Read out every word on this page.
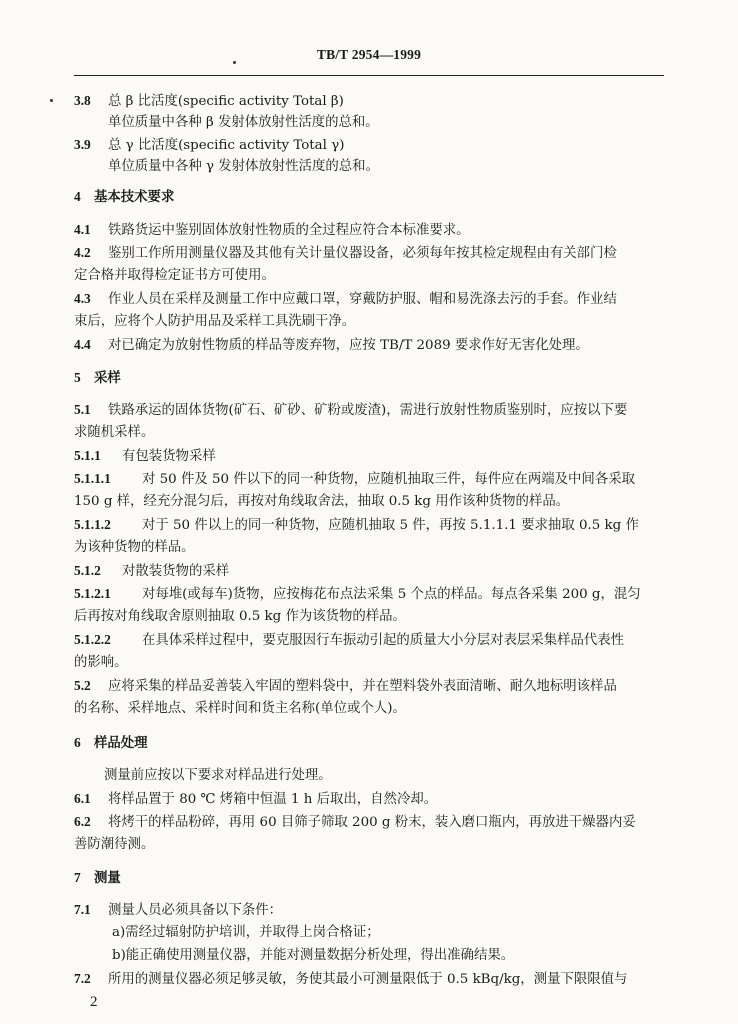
TB/T 2954—1999
3.8 总 β 比活度(specific activity Total β)
单位质量中各种 β 发射体放射性活度的总和。
3.9 总 γ 比活度(specific activity Total γ)
单位质量中各种 γ 发射体放射性活度的总和。
4 基本技术要求
4.1 铁路货运中鉴别固体放射性物质的全过程应符合本标准要求。
4.2 鉴别工作所用测量仪器及其他有关计量仪器设备，必须每年按其检定规程由有关部门检
定合格并取得检定证书方可使用。
4.3 作业人员在采样及测量工作中应戴口罩，穿戴防护服、帽和易洗涤去污的手套。作业结
束后，应将个人防护用品及采样工具洗刷干净。
4.4 对已确定为放射性物质的样品等废弃物，应按 TB/T 2089 要求作好无害化处理。
5 采样
5.1 铁路承运的固体货物(矿石、矿砂、矿粉或废渣)，需进行放射性物质鉴别时，应按以下要
求随机采样。
5.1.1 有包装货物采样
5.1.1.1 对 50 件及 50 件以下的同一种货物，应随机抽取三件，每件应在两端及中间各采取
150 g 样，经充分混匀后，再按对角线取舍法，抽取 0.5 kg 用作该种货物的样品。
5.1.1.2 对于 50 件以上的同一种货物，应随机抽取 5 件，再按 5.1.1.1 要求抽取 0.5 kg 作
为该种货物的样品。
5.1.2 对散装货物的采样
5.1.2.1 对每堆(或每车)货物，应按梅花布点法采集 5 个点的样品。每点各采集 200 g，混匀
后再按对角线取舍原则抽取 0.5 kg 作为该货物的样品。
5.1.2.2 在具体采样过程中，要克服因行车振动引起的质量大小分层对表层采集样品代表性
的影响。
5.2 应将采集的样品妥善装入牢固的塑料袋中，并在塑料袋外表面清晰、耐久地标明该样品
的名称、采样地点、采样时间和货主名称(单位或个人)。
6 样品处理
测量前应按以下要求对样品进行处理。
6.1 将样品置于 80 ℃ 烤箱中恒温 1 h 后取出，自然冷却。
6.2 将烤干的样品粉碎，再用 60 目筛子筛取 200 g 粉末，装入磨口瓶内，再放进干燥器内妥
善防潮待测。
7 测量
7.1 测量人员必须具备以下条件：
a)需经过辐射防护培训，并取得上岗合格证；
b)能正确使用测量仪器，并能对测量数据分析处理，得出准确结果。
7.2 所用的测量仪器必须足够灵敏，务使其最小可测量限低于 0.5 kBq/kg，测量下限限值与
2
